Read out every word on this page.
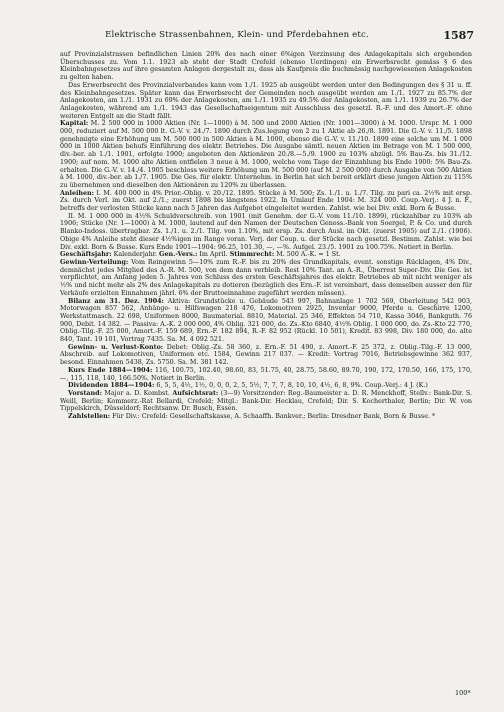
Elektrische Strassenbahnen, Klein- und Pferdebahnen etc.	1587

auf Provinzialstrassen befindlichen Linien 20% des nach einer 6%igen Verzinsung des Anlagekapitals sich ergebenden Überschusses zu. Vom 1.1. 1923 ab steht der Stadt Crefeld (ebenso Uerdingen) ein Erwerbsrecht gemäss § 6 des Kleinbahngesetzes auf ihre gesamten Anlagen dergestalt zu, dass als Kaufpreis die buchmässig nachgewiesenen Anlagekosten zu gelten haben.

Das Erwerbsrecht des Provinzialverbandes kann vom 1./1. 1925 ab ausgeübt werden unter den Bedingungen des § 31 u. ff. des Kleinbahngesetzes. Später kann das Erwerbsrecht der Gemeinden noch ausgeübt werden am 1./1. 1927 zu 85.7% der Anlagekosten, am 1./1. 1931 zu 69% der Anlagekosten, am 1./1. 1935 zu 49.5% der Anlagekosten, am 1./1. 1939 zu 26.7% der Anlagekosten, während am 1./1. 1943 das Gesellschaftseigentum mit Ausschluss des gesetzl. R.-F. und des Amort.-F. ohne weiteren Entgelt an die Stadt fällt.

Kapital: M. 2 500 000 in 1000 Aktien (Nr. 1—1000) à M. 500 und 2000 Aktien (Nr. 1001—3000) à M. 1000. Urspr. M. 1 000 000, reduziert auf M. 500 000 lt. G.-V. v. 24./7. 1890 durch Zus.legung von 2 zu 1 Aktie ab 26./8. 1891. Die G.-V. v. 11./5. 1898 genehmigte eine Erhöhung um M. 500 000 in 500 Aktien à M. 1000, ebenso die G.-V. v. 11./10. 1899 eine solche um M. 1 000 000 in 1000 Aktien behufs Einführung des elektr. Betriebes. Die Ausgabe sämtl. neuen Aktien im Betrage von M. 1 500 000, div.-ber. ab 1./1. 1901, erfolgte 1900; angeboten den Aktionären 20./8.—5./9. 1900 zu 103% abzügl. 5% Bau-Zs. bis 31./12. 1900; auf nom. M. 1000 alte Aktien entfielen 3 neue à M. 1000, welche vom Tage der Einzahlung bis Ende 1900: 5% Bau-Zs. erhalten. Die G.-V. v. 14./4. 1905 beschloss weitere Erhöhung um M. 500 000 (auf M. 2 500 000) durch Ausgabe von 500 Aktien à M. 1000, div.-ber. ab 1./7. 1905. Die Ges. für elektr. Unternehm. in Berlin hat sich bereit erklärt diese jungen Aktien zu 115% zu übernehmen und dieselben den Aktionären zu 120% zu überlassen.

Anleihen: I. M. 400 000 in 4% Prior.-Oblig. v. 20./12. 1895. Stücke à M. 500; Zs. 1./1. u. 1./7. Tilg. zu pari ca. 2½% mit ersp. Zs. durch Verl. im Okt. auf 2./1.; zuerst 1898 bis längstens 1922. In Umlauf Ende 1904: M. 324 000. Coup.-Verj.: 4 J. n. F., betreffs der verlosten Stücke kann nach 5 Jahren das Aufgebot eingeleitet werden. Zahlst. wie bei Div. exkl. Born & Busse.

II. M. 1 000 000 in 4½% Schuldverschreib. von 1901 (mit Genehm. der G.-V. vom 11./10. 1899), rückzahlbar zu 103% ab 1906; Stücke (Nr. 1—1000) à M. 1000, lautend auf den Namen der Deutschen Genoss.-Bank von Soergel, P. & Co. und durch Blanko-Indoss. übertragbar. Zs. 1./1. u. 2./1. Tilg. von 1.10%, mit ersp. Zs. durch Ausl. im Okt. (zuerst 1905) auf 2./1. (1906). Obige 4% Anleihe steht dieser 4½%igen im Range voran. Verj. der Coup. u. der Stücke nach gesetzl. Bestimm. Zahlst. wie bei Div. exkl. Born & Busse. Kurs Ende 1901—1904: 96.25, 101.30, —, —%. Aufgel. 23./5. 1901 zu 100.75%. Notiert in Berlin.

Geschäftsjahr: Kalenderjahr. Gen.-Vers.: Im April. Stimmrecht: M. 500 A.-K. = 1 St.

Gewinn-Verteilung: Vom Reingewinn 5—10% zum R.-F. bis zu 20% des Grundkapitals, event. sonstige Rücklagen, 4% Div., demnächst jedes Mitglied des A.-R. M. 500, von dem dann verbleib. Rest 10% Tant. an A.-R., Überrest Super-Div. Die Ges. ist verpflichtet, am Anfang jeden 5. Jahres von Schluss des ersten Geschäftsjahres des elektr. Betriebes ab mit nicht weniger als ½% und nicht mehr als 2% des Anlagekapitals zu dotieren (bezüglich des Ern.-F. ist vereinbart, dass demselben ausser den für Verkäufe erzielten Einnahmen jährl. 6% der Bruttoeinnahme zugeführt werden müssen).

Bilanz am 31. Dez. 1904: Aktiva: Grundstücke u. Gebäude 543 997, Bahnanlage 1 702 569, Oberleitung 542 903, Motorwagen 857 562, Anhänge- u. Hilfswagen 218 476, Lokomotiven 2925, Inventar 9000, Pferde u. Geschirre 1200, Werkstattmasch. 22 698, Uniformen 8000, Baumaterial. 8810, Material. 25 346, Effekten 54 710, Kassa 3046, Bankguth. 76 900, Debit. 14 382. — Passiva: A.-K. 2 000 000, 4% Oblig. 321 000, do. Zs.-Kto 6840, 4½% Oblig. 1 000 000, do. Zs.-Kto 22 770, Oblig.-Tilg.-F. 25 000, Amort.-F. 159 689, Ern.-F. 182 894, R.-F. 82 952 (Rückl. 10 501), Kredit. 83 998, Div. 180 000, do. alte 840, Tant. 19 101, Vortrag 7435. Sa. M. 4 092 521.

Gewinn- u. Verlust-Konto: Debet: Oblig.-Zs. 58 360, z. Ern.-F. 51 490, z. Amort.-F. 25 372, z. Oblig.-Tilg.-F. 13 000, Abschreib. auf Lokomotiven, Uniformen etc. 1584, Gewinn 217 037. — Kredit: Vortrag 7016, Betriebsgewinne 362 937, besond. Einnahmen 5438, Zs. 5750. Sa. M. 381 142.

Kurs Ende 1884—1904: 116, 100.75, 102.40, 98.60, 83, 51.75, 40, 28.75, 58.60, 89.70, 190, 172, 170.50, 166, 175, 170, —, 115, 118, 140, 166.50%. Notiert in Berlin.

Dividenden 1884—1904: 6, 5, 5, 4½, 1½, 0, 0, 0, 2, 5, 5½, 7, 7, 7, 8, 10, 10, 4½, 6, 8, 9%. Coup.-Verj.: 4 J. (K.)

Vorstand: Major a. D. Kombst. Aufsichtsrat: (3—9) Vorsitzender: Reg.-Baumeister a. D. R. Menckhoff, Stellv.: Bank-Dir. S. Weill, Berlin; Kommerz.-Rat Bellardi, Crefeld; Mitgl.: Bank-Dir. Hecklau, Crefeld; Dir. S. Kocherthaler, Berlin; Dir. W. von Tippelskirch, Düsseldorf; Rechtsanw. Dr. Busch, Essen.

Zahlstellen: Für Div.: Crefeld: Gesellschaftskasse, A. Schaaffh. Bankver.; Berlin: Dresdner Bank, Born & Busse. *

100*
